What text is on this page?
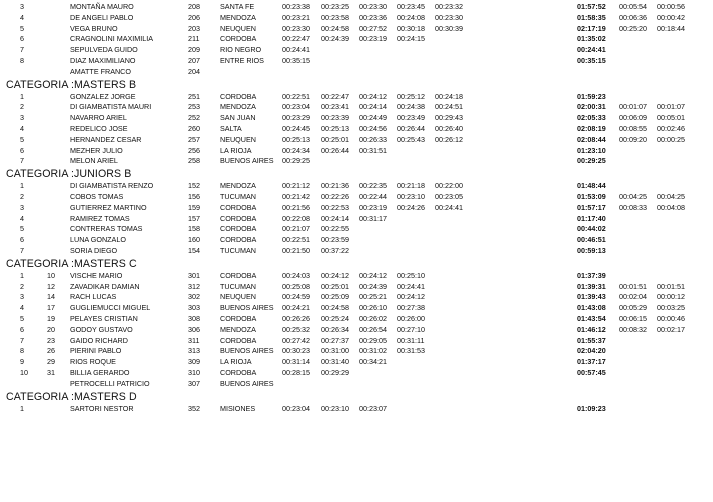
3	MONTAÑA MAURO	208	SANTA FE	00:23:38 00:23:25 00:23:30 00:23:45 00:23:32	01:57:52 00:05:54 00:00:56
4	DE ANGELI PABLO	206	MENDOZA	00:23:21 00:23:58 00:23:36 00:24:08 00:23:30	01:58:35 00:06:36 00:00:42
5	VEGA BRUNO	203	NEUQUEN	00:23:30 00:24:58 00:27:52 00:30:18 00:30:39	02:17:19 00:25:20 00:18:44
6	CRAGNOLINI MAXIMILIA	211	CORDOBA	00:22:47 00:24:39 00:23:19 00:24:15	01:35:02
7	SEPULVEDA GUIDO	209	RIO NEGRO	00:24:41	00:24:41
8	DIAZ MAXIMILIANO	207	ENTRE RIOS	00:35:15	00:35:15
AMATTE FRANCO	204
CATEGORIA :MASTERS B
1	GONZALEZ JORGE	251	CORDOBA	00:22:51 00:22:47 00:24:12 00:25:12 00:24:18	01:59:23
2	DI GIAMBATISTA MAURI	253	MENDOZA	00:23:04 00:23:41 00:24:14 00:24:38 00:24:51	02:00:31 00:01:07 00:01:07
3	NAVARRO ARIEL	252	SAN JUAN	00:23:29 00:23:39 00:24:49 00:23:49 00:29:43	02:05:33 00:06:09 00:05:01
4	REDELICO JOSE	260	SALTA	00:24:45 00:25:13 00:24:56 00:26:44 00:26:40	02:08:19 00:08:55 00:02:46
5	HERNANDEZ CESAR	257	NEUQUEN	00:25:13 00:25:01 00:26:33 00:25:43 00:26:12	02:08:44 00:09:20 00:00:25
6	MEZHER JULIO	256	LA RIOJA	00:24:34 00:26:44 00:31:51	01:23:10
7	MELON ARIEL	258	BUENOS AIRES 00:29:25	00:29:25
CATEGORIA :JUNIORS B
1	DI GIAMBATISTA RENZO	152	MENDOZA	00:21:12 00:21:36 00:22:35 00:21:18 00:22:00	01:48:44
2	COBOS TOMAS	156	TUCUMAN	00:21:42 00:22:26 00:22:44 00:23:10 00:23:05	01:53:09 00:04:25 00:04:25
3	GUTIERREZ MARTINO	159	CORDOBA	00:21:56 00:22:53 00:23:19 00:24:26 00:24:41	01:57:17 00:08:33 00:04:08
4	RAMIREZ TOMAS	157	CORDOBA	00:22:08 00:24:14 00:31:17	01:17:40
5	CONTRERAS TOMAS	158	CORDOBA	00:21:07 00:22:55	00:44:02
6	LUNA GONZALO	160	CORDOBA	00:22:51 00:23:59	00:46:51
7	SORIA DIEGO	154	TUCUMAN	00:21:50 00:37:22	00:59:13
CATEGORIA :MASTERS C
1	10 VISCHE MARIO	301	CORDOBA	00:24:03 00:24:12 00:24:12 00:25:10	01:37:39
2	12 ZAVADIKAR DAMIAN	312	TUCUMAN	00:25:08 00:25:01 00:24:39 00:24:41	01:39:31 00:01:51 00:01:51
3	14 RACH LUCAS	302	NEUQUEN	00:24:59 00:25:09 00:25:21 00:24:12	01:39:43 00:02:04 00:00:12
4	17 GUGLIEMUCCI MIGUEL	303	BUENOS AIRES 00:24:21 00:24:58 00:26:10 00:27:38	01:43:08 00:05:29 00:03:25
5	19 PELAYES CRISTIAN	308	CORDOBA	00:26:26 00:25:24 00:26:02 00:26:00	01:43:54 00:06:15 00:00:46
6	20 GODOY GUSTAVO	306	MENDOZA	00:25:32 00:26:34 00:26:54 00:27:10	01:46:12 00:08:32 00:02:17
7	23 GAIDO RICHARD	311	CORDOBA	00:27:42 00:27:37 00:29:05 00:31:11	01:55:37
8	26 PIERINI PABLO	313	BUENOS AIRES 00:30:23 00:31:00 00:31:02 00:31:53	02:04:20
9	29 RIOS ROQUE	309	LA RIOJA	00:31:14 00:31:40 00:34:21	01:37:17
10	31 BILLIA GERARDO	310	CORDOBA	00:28:15 00:29:29	00:57:45
PETROCELLI PATRICIO	307	BUENOS AIRES
CATEGORIA :MASTERS D
1	SARTORI NESTOR	352	MISIONES	00:23:04 00:23:10 00:23:07	01:09:23
